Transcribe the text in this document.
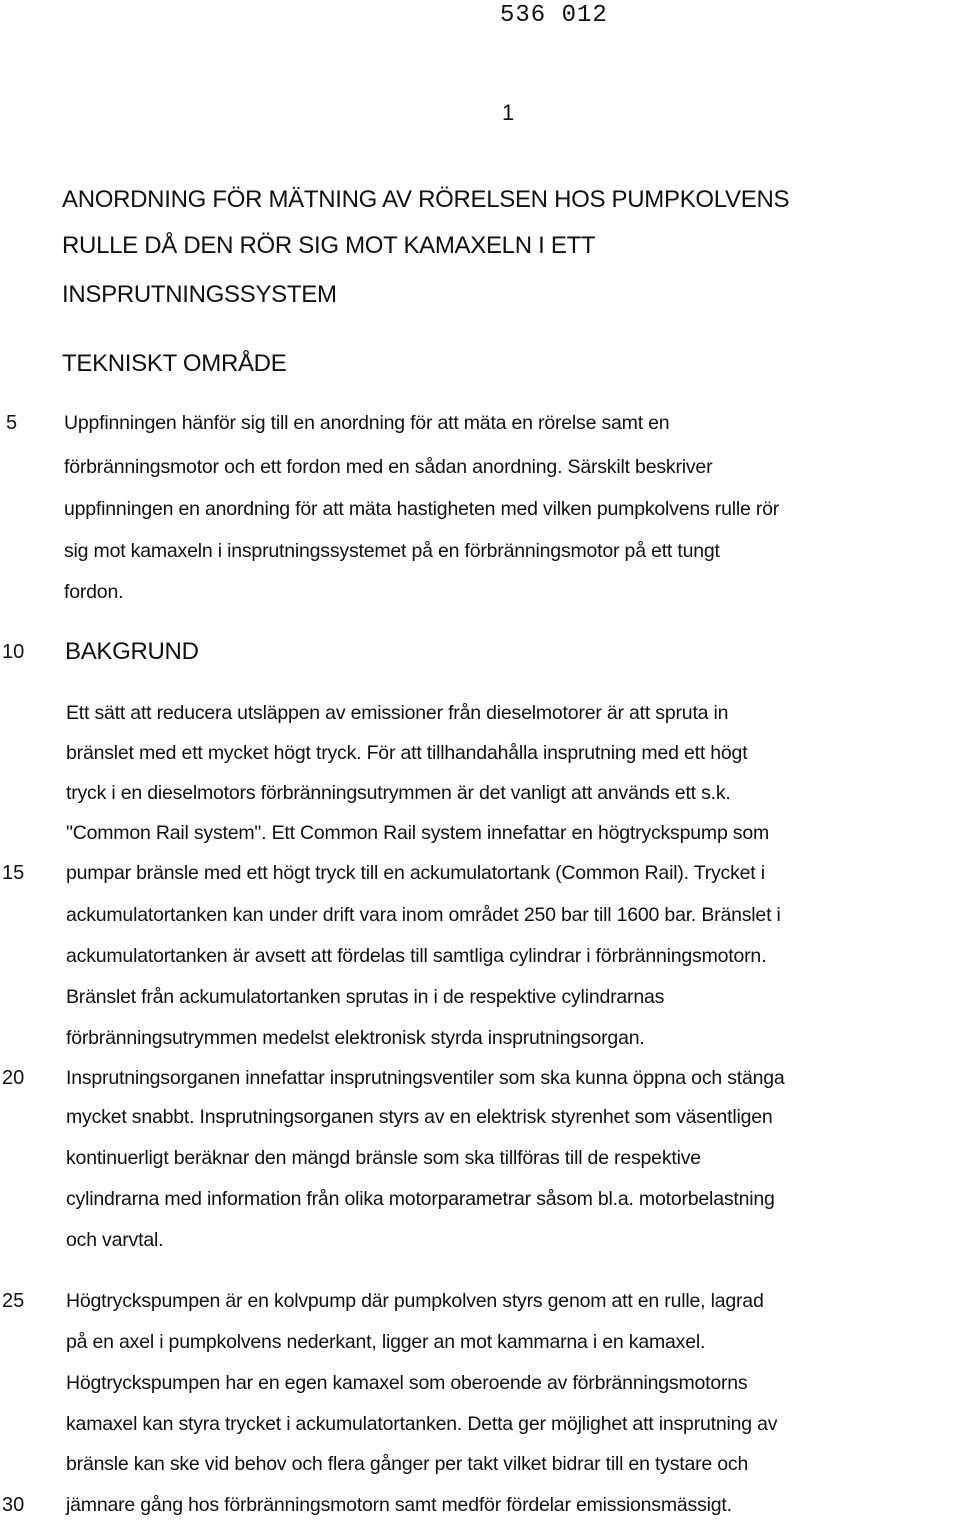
536 012
1
ANORDNING FÖR MÄTNING AV RÖRELSEN HOS PUMPKOLVENS
RULLE DÅ DEN RÖR SIG MOT KAMAXELN I ETT
INSPRUTNINGSSYSTEM
TEKNISKT OMRÅDE
Uppfinningen hänför sig till en anordning för att mäta en rörelse samt en
förbränningsmotor och ett fordon med en sådan anordning. Särskilt beskriver
uppfinningen en anordning för att mäta hastigheten med vilken pumpkolvens rulle rör
sig mot kamaxeln i insprutningssystemet på en förbränningsmotor på ett tungt
fordon.
BAKGRUND
Ett sätt att reducera utsläppen av emissioner från dieselmotorer är att spruta in
bränslet med ett mycket högt tryck. För att tillhandahålla insprutning med ett högt
tryck i en dieselmotors förbränningsutrymmen är det vanligt att används ett s.k.
"Common Rail system". Ett Common Rail system innefattar en högtryckspump som
pumpar bränsle med ett högt tryck till en ackumulatortank (Common Rail). Trycket i
ackumulatortanken kan under drift vara inom området 250 bar till 1600 bar. Bränslet i
ackumulatortanken är avsett att fördelas till samtliga cylindrar i förbränningsmotorn.
Bränslet från ackumulatortanken sprutas in i de respektive cylindrarnas
förbränningsutrymmen medelst elektronisk styrda insprutningsorgan.
Insprutningsorganen innefattar insprutningsventiler som ska kunna öppna och stänga
mycket snabbt. Insprutningsorganen styrs av en elektrisk styrenhet som väsentligen
kontinuerligt beräknar den mängd bränsle som ska tillföras till de respektive
cylindrarna med information från olika motorparametrar såsom bl.a. motorbelastning
och varvtal.
Högtryckspumpen är en kolvpump där pumpkolven styrs genom att en rulle, lagrad
på en axel i pumpkolvens nederkant, ligger an mot kammarna i en kamaxel.
Högtryckspumpen har en egen kamaxel som oberoende av förbränningsmotorns
kamaxel kan styra trycket i ackumulatortanken. Detta ger möjlighet att insprutning av
bränsle kan ske vid behov och flera gånger per takt vilket bidrar till en tystare och
jämnare gång hos förbränningsmotorn samt medför fördelar emissionsmässigt.
5
10
15
20
25
30
